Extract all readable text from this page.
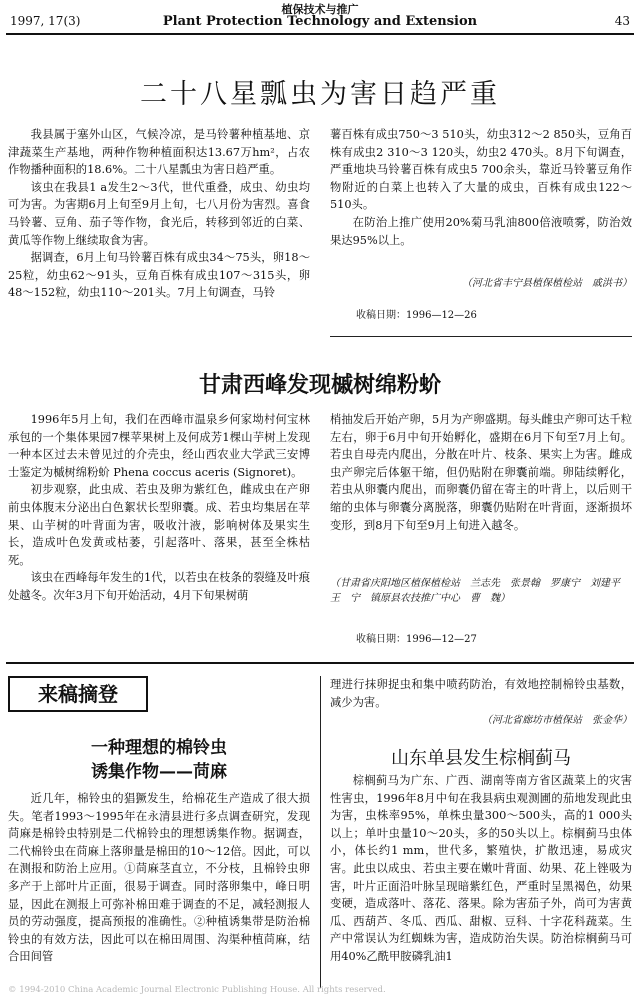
1997, 17(3)
植保技术与推广
Plant Protection Technology and Extension	43
二十八星瓢虫为害日趋严重

我县属于塞外山区，气候冷凉，是马铃薯种植基地、京津蔬菜生产基地，两种作物种植面积达13.67万hm²，占农作物播种面积的18.6%。二十八星瓢虫为害日趋严重。

该虫在我县1 a发生2～3代，世代重叠，成虫、幼虫均可为害。为害期6月上旬至9月上旬，七八月份为害烈。喜食马铃薯、豆角、茄子等作物，食光后，转移到邻近的白菜、黄瓜等作物上继续取食为害。

据调查，6月上旬马铃薯百株有成虫34～75头，卵18～25粒，幼虫62～91头，豆角百株有成虫107～315头，卵48～152粒，幼虫110～201头。7月上旬调查，马铃

薯百株有成虫750～3 510头，幼虫312～2 850头，豆角百株有成虫2 310～3 120头，幼虫2 470头。8月下旬调查，严重地块马铃薯百株有成虫5 700余头，靠近马铃薯豆角作物附近的白菜上也转入了大量的成虫，百株有成虫122～510头。

在防治上推广使用20%菊马乳油800倍液喷雾，防治效果达95%以上。

（河北省丰宁县植保植检站　戚洪书）
收稿日期：1996—12—26
甘肃西峰发现槭树绵粉蚧

1996年5月上旬，我们在西峰市温泉乡何家坳村何宝林承包的一个集体果园7棵苹果树上及何成芳1棵山芋树上发现一种本区过去未曾见过的介壳虫，经山西农业大学武三安博士鉴定为槭树绵粉蚧 Phena coccus aceris (Signoret)。

初步观察，此虫成、若虫及卵为紫红色，雌成虫在产卵前虫体腹末分泌出白色絮状长型卵囊。成、若虫均集居在苹果、山芋树的叶背面为害，吸收汁液，影响树体及果实生长，造成叶色发黄或枯萎，引起落叶、落果，甚至全株枯死。

该虫在西峰每年发生的1代，以若虫在枝条的裂缝及叶痕处越冬。次年3月下旬开始活动，4月下旬果树萌

梢抽发后开始产卵，5月为产卵盛期。每头雌虫产卵可达千粒左右，卵于6月中旬开始孵化，盛期在6月下旬至7月上旬。若虫自母壳内爬出，分散在叶片、枝条、果实上为害。雌成虫产卵完后体躯干缩，但仍贴附在卵囊前端。卵陆续孵化，若虫从卵囊内爬出，而卵囊仍留在寄主的叶背上，以后则干缩的虫体与卵囊分离脱落，卵囊仍贴附在叶背面，逐渐损坏变形，到8月下旬至9月上旬进入越冬。

（甘肃省庆阳地区植保植检站　兰志先　张景翰　罗康宁　刘建平　王　宁　镇原县农技推广中心　曹　魏）
收稿日期：1996—12—27
来稿摘登
一种理想的棉铃虫
诱集作物——苘麻

近几年，棉铃虫的猖獗发生，给棉花生产造成了很大损失。笔者1993～1995年在永清县进行多点调查研究，发现苘麻是棉铃虫特别是二代棉铃虫的理想诱集作物。据调查，二代棉铃虫在苘麻上落卵量是棉田的10～12倍。因此，可以在测报和防治上应用。①苘麻茎直立，不分枝，且棉铃虫卵多产于上部叶片正面，很易于调查。同时落卵集中，峰日明显，因此在测报上可弥补棉田难于调查的不足，减轻测报人员的劳动强度，提高预报的准确性。②种植诱集带是防治棉铃虫的有效方法，因此可以在棉田周围、沟渠种植苘麻，结合田间管

理进行抹卵捉虫和集中喷药防治，有效地控制棉铃虫基数，减少为害。

（河北省廊坊市植保站　张金华）
山东单县发生棕榈蓟马

棕榈蓟马为广东、广西、湖南等南方省区蔬菜上的灾害性害虫，1996年8月中旬在我县病虫观测圃的茄地发现此虫为害，虫株率95%，单株虫量300～500头，高的1 000头以上；单叶虫量10～20头，多的50头以上。棕榈蓟马虫体小，体长约1 mm，世代多，繁殖快，扩散迅速，易成灾害。此虫以成虫、若虫主要在嫩叶背面、幼果、花上锉吸为害，叶片正面沿叶脉呈现暗紫红色，严重时呈黑褐色，幼果变硬，造成落叶、落花、落果。除为害茄子外，尚可为害黄瓜、西葫芦、冬瓜、西瓜、甜椒、豆科、十字花科蔬菜。生产中常误认为红蜘蛛为害，造成防治失误。防治棕榈蓟马可用40%乙酰甲胺磷乳油1

© 1994-2010 China Academic Journal Electronic Publishing House. All rights reserved.
